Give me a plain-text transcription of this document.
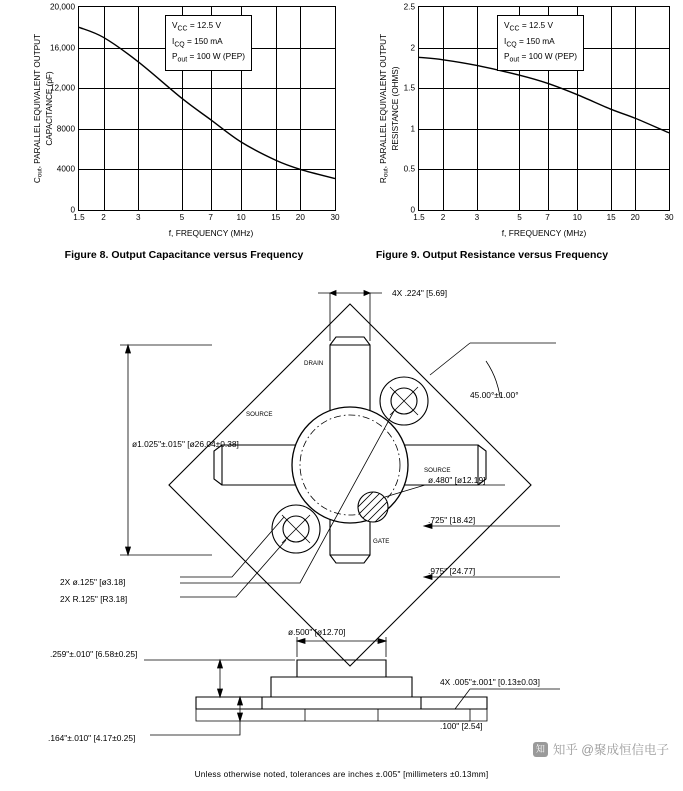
1.5 2	3	5	7	10	15 20	30
0
4000
8000
12,000
16,000
20,000
$C_{out}$, PARALLEL EQUIVALENT OUTPUT CAPACITANCE (pF)
$V_{CC} = 12.5$ V
$I_{CQ} = 150$ mA
$P_{out} = 100$ W (PEP)
f, FREQUENCY (MHz)
Figure 8. Output Capacitance versus Frequency
1.5 2	3	5	7	10	15 20	30
0
0.5
1
1.5
2
2.5
$R_{out}$, PARALLEL EQUIVALENT OUTPUT RESISTANCE (OHMS)
$V_{CC} = 12.5$ V
$I_{CQ} = 150$ mA
$P_{out} = 100$ W (PEP)
f, FREQUENCY (MHz)
Figure 9. Output Resistance versus Frequency
4X .224" [5.69]
ø1.025"±.015" [ø26.04±0.38]
45.00°±1.00°
ø.480" [ø12.19]
.725" [18.42]
.975" [24.77]
2X ø.125" [ø3.18]
2X R.125" [R3.18]
DRAIN
SOURCE
SOURCE
GATE
ø.500" [ø12.70]
.259"±.010" [6.58±0.25]
.164"±.010" [4.17±0.25]
4X .005"±.001" [0.13±0.03]
.100" [2.54]
Unless otherwise noted, tolerances are inches ±.005" [millimeters ±0.13mm]
知 知乎 @聚成恒信电子
